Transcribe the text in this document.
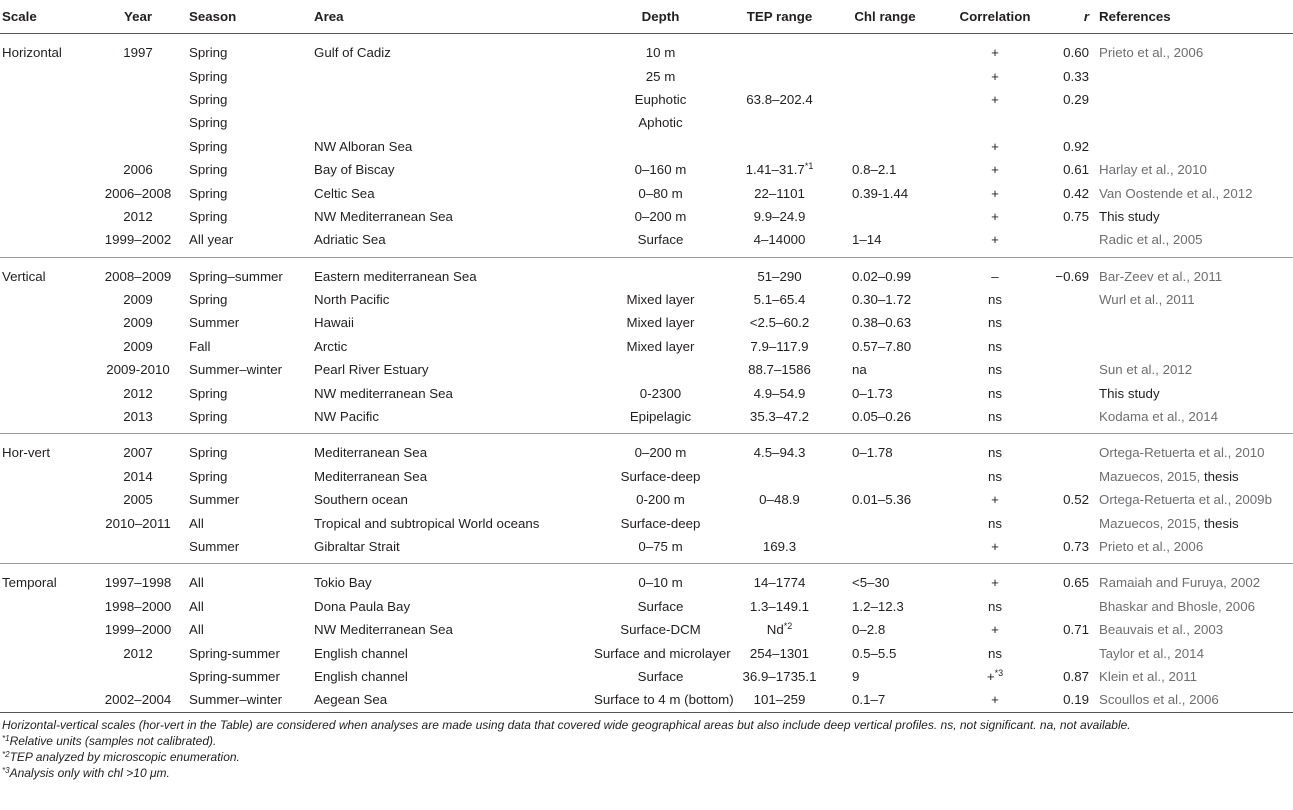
Scale	Year	Season	Area	Depth	TEP range	Chl range	Correlation	r	References
Horizontal	1997	Spring	Gulf of Cadiz	10 m			+	0.60	Prieto et al., 2006
		Spring		25 m			+	0.33	
		Spring		Euphotic	63.8–202.4		+	0.29	
		Spring		Aphotic					
		Spring	NW Alboran Sea				+	0.92	
	2006	Spring	Bay of Biscay	0–160 m	1.41–31.7$^{*1}$	0.8–2.1	+	0.61	Harlay et al., 2010
	2006–2008	Spring	Celtic Sea	0–80 m	22–1101	0.39-1.44	+	0.42	Van Oostende et al., 2012
	2012	Spring	NW Mediterranean Sea	0–200 m	9.9–24.9		+	0.75	This study
	1999–2002	All year	Adriatic Sea	Surface	4–14000	1–14	+		Radic et al., 2005
Vertical	2008–2009	Spring–summer	Eastern mediterranean Sea		51–290	0.02–0.99	–	−0.69	Bar-Zeev et al., 2011
	2009	Spring	North Pacific	Mixed layer	5.1–65.4	0.30–1.72	ns		Wurl et al., 2011
	2009	Summer	Hawaii	Mixed layer	<2.5–60.2	0.38–0.63	ns		
	2009	Fall	Arctic	Mixed layer	7.9–117.9	0.57–7.80	ns		
	2009-2010	Summer–winter	Pearl River Estuary		88.7–1586	na	ns		Sun et al., 2012
	2012	Spring	NW mediterranean Sea	0-2300	4.9–54.9	0–1.73	ns		This study
	2013	Spring	NW Pacific	Epipelagic	35.3–47.2	0.05–0.26	ns		Kodama et al., 2014
Hor-vert	2007	Spring	Mediterranean Sea	0–200 m	4.5–94.3	0–1.78	ns		Ortega-Retuerta et al., 2010
	2014	Spring	Mediterranean Sea	Surface-deep			ns		Mazuecos, 2015, thesis
	2005	Summer	Southern ocean	0-200 m	0–48.9	0.01–5.36	+	0.52	Ortega-Retuerta et al., 2009b
	2010–2011	All	Tropical and subtropical World oceans	Surface-deep			ns		Mazuecos, 2015, thesis
		Summer	Gibraltar Strait	0–75 m	169.3		+	0.73	Prieto et al., 2006
Temporal	1997–1998	All	Tokio Bay	0–10 m	14–1774	<5–30	+	0.65	Ramaiah and Furuya, 2002
	1998–2000	All	Dona Paula Bay	Surface	1.3–149.1	1.2–12.3	ns		Bhaskar and Bhosle, 2006
	1999–2000	All	NW Mediterranean Sea	Surface-DCM	Nd$^{*2}$	0–2.8	+	0.71	Beauvais et al., 2003
	2012	Spring-summer	English channel	Surface and microlayer	254–1301	0.5–5.5	ns		Taylor et al., 2014
		Spring-summer	English channel	Surface	36.9–1735.1	9	+$^{*3}$	0.87	Klein et al., 2011
	2002–2004	Summer–winter	Aegean Sea	Surface to 4 m (bottom)	101–259	0.1–7	+	0.19	Scoullos et al., 2006
Horizontal-vertical scales (hor-vert in the Table) are considered when analyses are made using data that covered wide geographical areas but also include deep vertical profiles. ns, not significant. na, not available.
$^{*1}$Relative units (samples not calibrated).
$^{*2}$TEP analyzed by microscopic enumeration.
$^{*3}$Analysis only with chl >10 μm.
